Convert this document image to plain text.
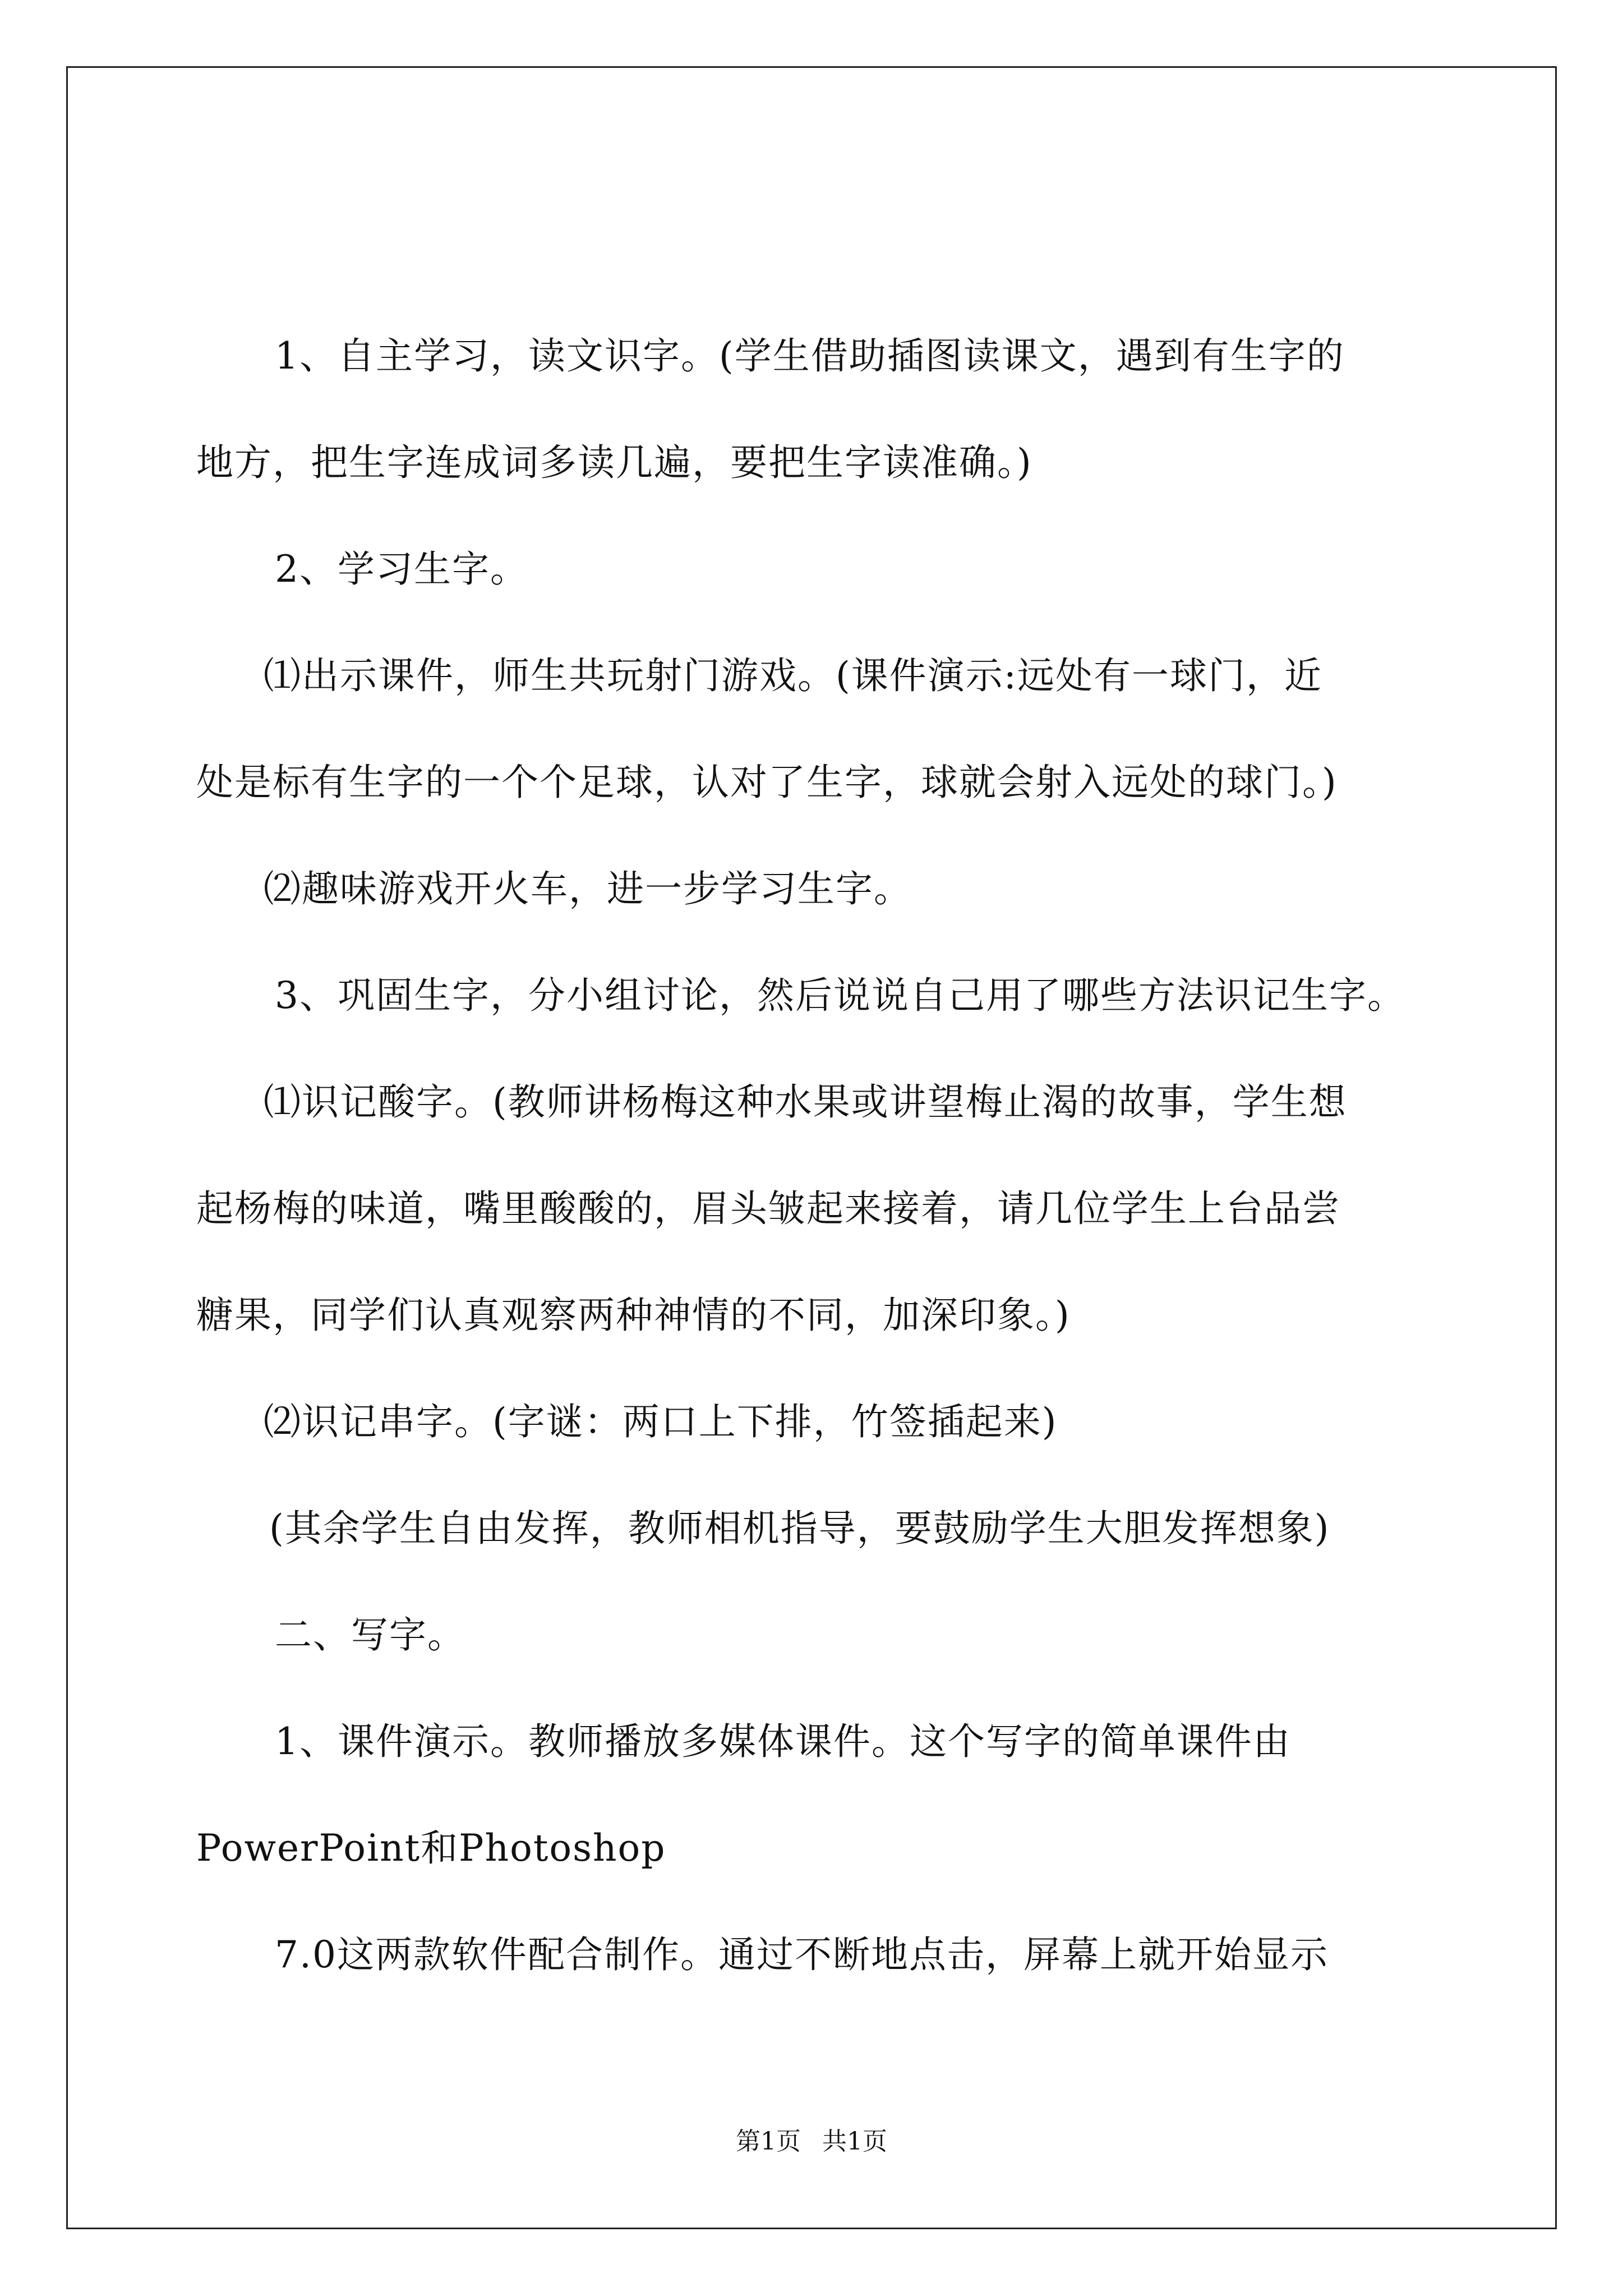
1、自主学习，读文识字。(学生借助插图读课文，遇到有生字的
地方，把生字连成词多读几遍，要把生字读准确。)
2、学习生字。
⑴出示课件，师生共玩射门游戏。(课件演示:远处有一球门，近
处是标有生字的一个个足球，认对了生字，球就会射入远处的球门。)
⑵趣味游戏开火车，进一步学习生字。
3、巩固生字，分小组讨论，然后说说自己用了哪些方法识记生字。
⑴识记酸字。(教师讲杨梅这种水果或讲望梅止渴的故事，学生想
起杨梅的味道，嘴里酸酸的，眉头皱起来接着，请几位学生上台品尝
糖果，同学们认真观察两种神情的不同，加深印象。)
⑵识记串字。(字谜：两口上下排，竹签插起来)
(其余学生自由发挥，教师相机指导，要鼓励学生大胆发挥想象)
二、写字。
1、课件演示。教师播放多媒体课件。这个写字的简单课件由
PowerPoint和Photoshop
7.0这两款软件配合制作。通过不断地点击，屏幕上就开始显示
第1页 共1页
